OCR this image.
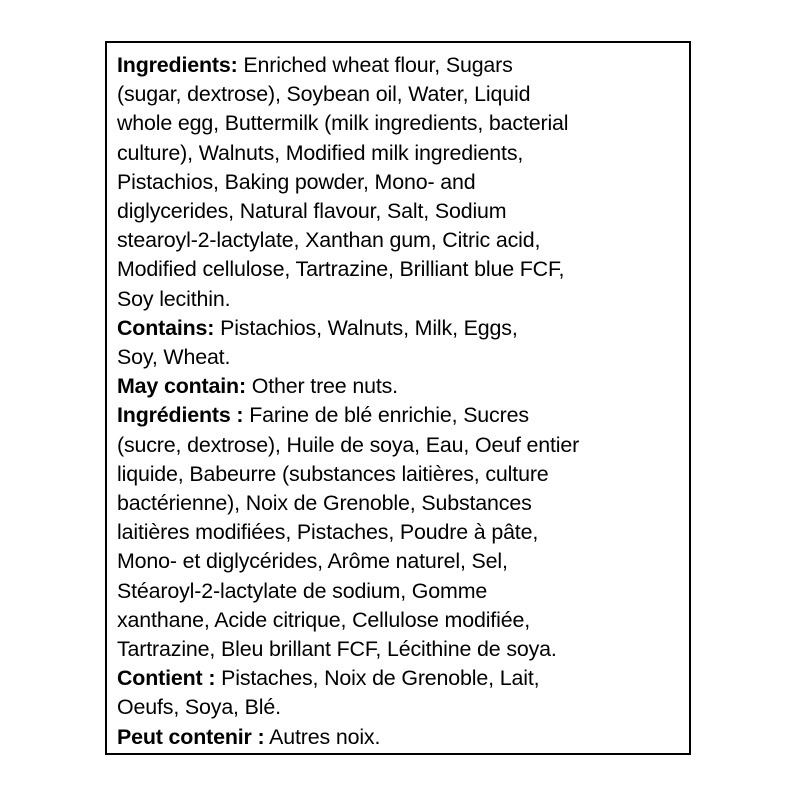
Ingredients: Enriched wheat flour, Sugars
(sugar, dextrose), Soybean oil, Water, Liquid
whole egg, Buttermilk (milk ingredients, bacterial
culture), Walnuts, Modified milk ingredients,
Pistachios, Baking powder, Mono- and
diglycerides, Natural flavour, Salt, Sodium
stearoyl-2-lactylate, Xanthan gum, Citric acid,
Modified cellulose, Tartrazine, Brilliant blue FCF,
Soy lecithin.
Contains: Pistachios, Walnuts, Milk, Eggs,
Soy, Wheat.
May contain: Other tree nuts.
Ingrédients : Farine de blé enrichie, Sucres
(sucre, dextrose), Huile de soya, Eau, Oeuf entier
liquide, Babeurre (substances laitières, culture
bactérienne), Noix de Grenoble, Substances
laitières modifiées, Pistaches, Poudre à pâte,
Mono- et diglycérides, Arôme naturel, Sel,
Stéaroyl-2-lactylate de sodium, Gomme
xanthane, Acide citrique, Cellulose modifiée,
Tartrazine, Bleu brillant FCF, Lécithine de soya.
Contient : Pistaches, Noix de Grenoble, Lait,
Oeufs, Soya, Blé.
Peut contenir : Autres noix.
